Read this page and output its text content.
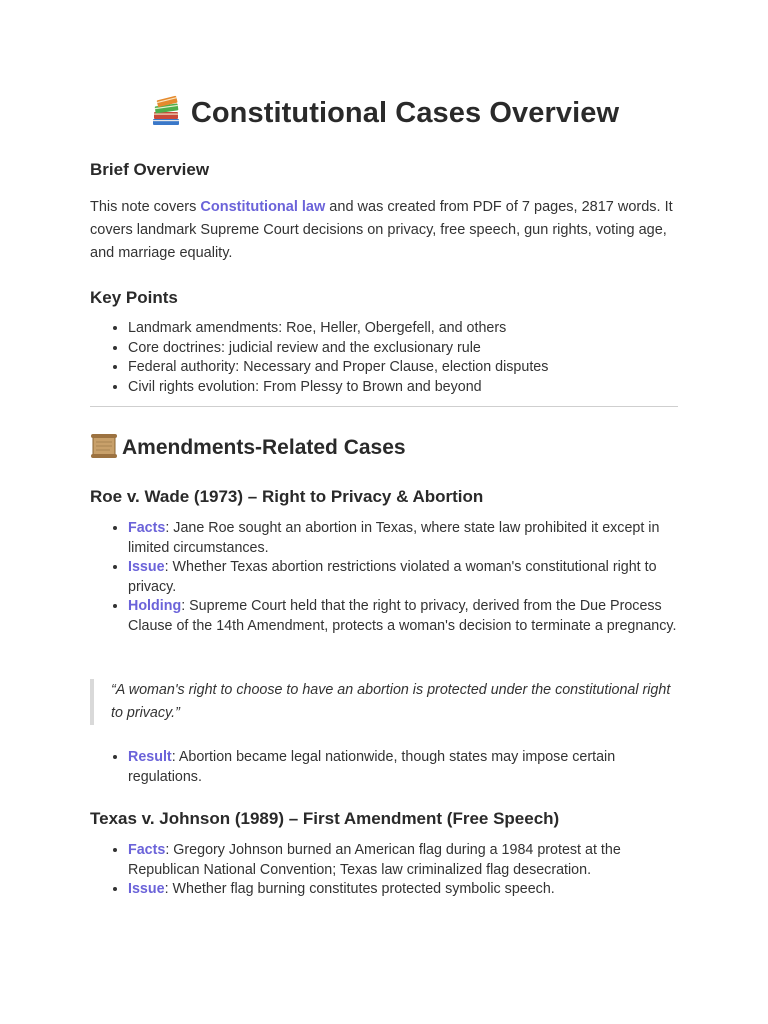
Constitutional Cases Overview
Brief Overview

This note covers Constitutional law and was created from PDF of 7 pages, 2817 words. It covers landmark Supreme Court decisions on privacy, free speech, gun rights, voting age, and marriage equality.

Key Points
• Landmark amendments: Roe, Heller, Obergefell, and others
• Core doctrines: judicial review and the exclusionary rule
• Federal authority: Necessary and Proper Clause, election disputes
• Civil rights evolution: From Plessy to Brown and beyond
Amendments-Related Cases
Roe v. Wade (1973) – Right to Privacy & Abortion
• Facts: Jane Roe sought an abortion in Texas, where state law prohibited it except in limited circumstances.
• Issue: Whether Texas abortion restrictions violated a woman's constitutional right to privacy.
• Holding: Supreme Court held that the right to privacy, derived from the Due Process Clause of the 14th Amendment, protects a woman's decision to terminate a pregnancy.
“A woman's right to choose to have an abortion is protected under the constitutional right to privacy.”
• Result: Abortion became legal nationwide, though states may impose certain regulations.
Texas v. Johnson (1989) – First Amendment (Free Speech)
• Facts: Gregory Johnson burned an American flag during a 1984 protest at the Republican National Convention; Texas law criminalized flag desecration.
• Issue: Whether flag burning constitutes protected symbolic speech.
